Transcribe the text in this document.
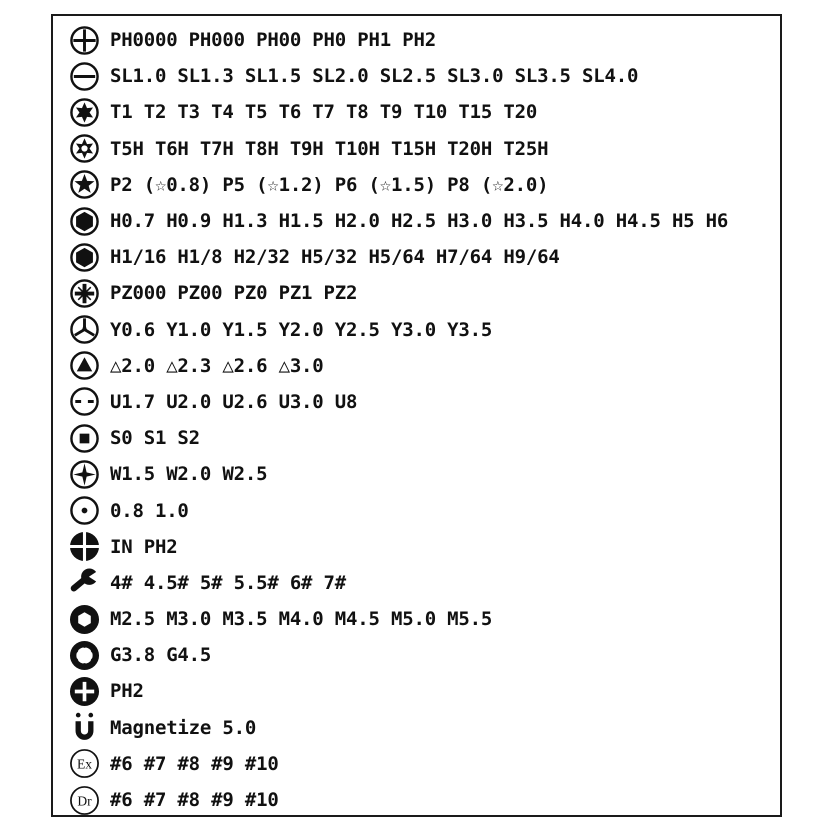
PH0000 PH000 PH00 PH0 PH1 PH2
SL1.0 SL1.3 SL1.5 SL2.0 SL2.5 SL3.0 SL3.5 SL4.0
T1 T2 T3 T4 T5 T6 T7 T8 T9 T10 T15 T20
T5H T6H T7H T8H T9H T10H T15H T20H T25H
P2 (☆0.8) P5 (☆1.2) P6 (☆1.5) P8 (☆2.0)
H0.7 H0.9 H1.3 H1.5 H2.0 H2.5 H3.0 H3.5 H4.0 H4.5 H5 H6
H1/16 H1/8 H2/32 H5/32 H5/64 H7/64 H9/64
PZ000 PZ00 PZ0 PZ1 PZ2
Y0.6 Y1.0 Y1.5 Y2.0 Y2.5 Y3.0 Y3.5
△2.0 △2.3 △2.6 △3.0
U1.7 U2.0 U2.6 U3.0 U8
S0 S1 S2
W1.5 W2.0 W2.5
0.8 1.0
IN PH2
4# 4.5# 5# 5.5# 6# 7#
M2.5 M3.0 M3.5 M4.0 M4.5 M5.0 M5.5
G3.8 G4.5
PH2
Magnetize 5.0
Ex #6 #7 #8 #9 #10
Dr #6 #7 #8 #9 #10
